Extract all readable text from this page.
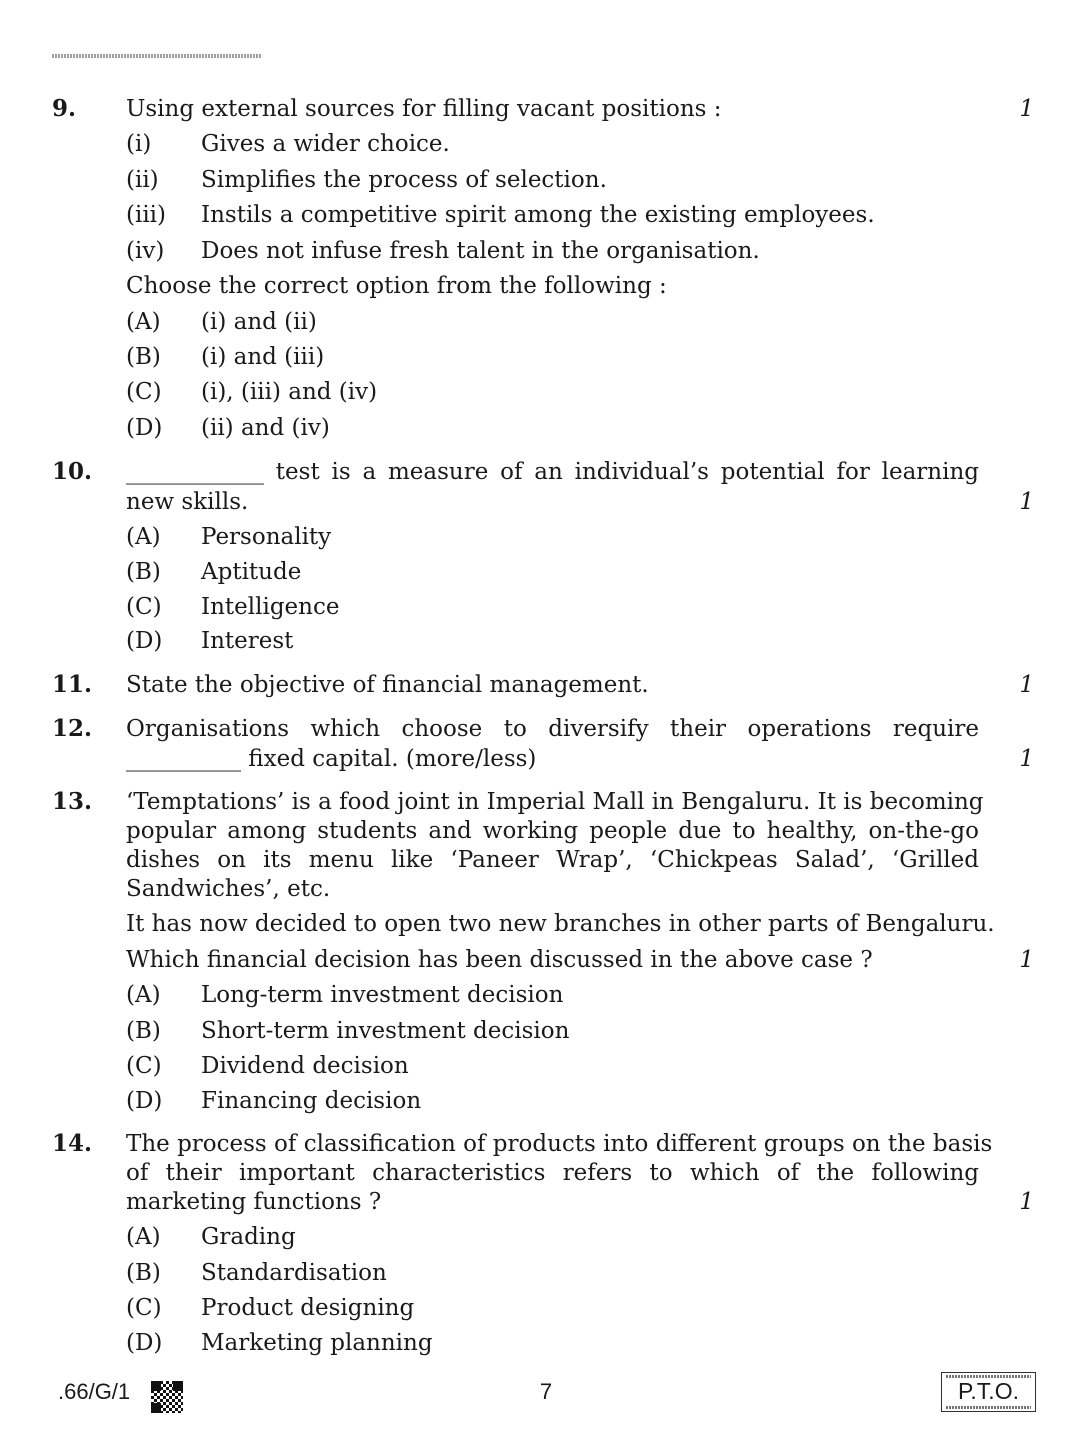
9. Using external sources for filling vacant positions :	1
(i) Gives a wider choice.
(ii) Simplifies the process of selection.
(iii) Instils a competitive spirit among the existing employees.
(iv) Does not infuse fresh talent in the organisation.
Choose the correct option from the following :
(A) (i) and (ii)
(B) (i) and (iii)
(C) (i), (iii) and (iv)
(D) (ii) and (iv)
10. ____________ test is a measure of an individual’s potential for learning
new skills.	1
(A) Personality
(B) Aptitude
(C) Intelligence
(D) Interest
11. State the objective of financial management.	1
12. Organisations which choose to diversify their operations require
__________ fixed capital. (more/less)	1
13. ‘Temptations’ is a food joint in Imperial Mall in Bengaluru. It is becoming
popular among students and working people due to healthy, on-the-go
dishes on its menu like ‘Paneer Wrap’, ‘Chickpeas Salad’, ‘Grilled
Sandwiches’, etc.
It has now decided to open two new branches in other parts of Bengaluru.
Which financial decision has been discussed in the above case ?	1
(A) Long-term investment decision
(B) Short-term investment decision
(C) Dividend decision
(D) Financing decision
14. The process of classification of products into different groups on the basis
of their important characteristics refers to which of the following
marketing functions ?	1
(A) Grading
(B) Standardisation
(C) Product designing
(D) Marketing planning
.66/G/1	7	P.T.O.
